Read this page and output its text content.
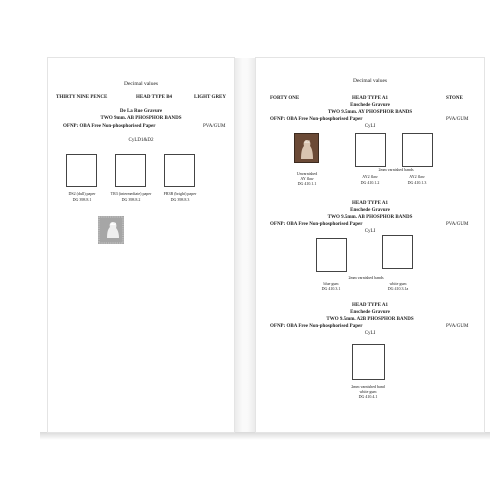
Decimal values
THIRTY NINE PENCE	HEAD TYPE B4	LIGHT GREY
De La Rue Gravure
TWO 9mm. AB PHOSPHOR BANDS
OFNP: OBA Free Non-phosphorised Paper	PVA/GUM
CyLD1&D2
DS2 (dull) paper
DG 398.8.1
TR3 (intermediate) paper
DG 398.8.2
FR3B (bright) paper
DG 398.8.3
Decimal values
FORTY ONE	STONE
HEAD TYPE A1
Enschede Gravure
TWO 9.5mm. AY PHOSPHOR BANDS
OFNP: OBA Free Non-phosphorised Paper	PVA/GUM
CyLI
Unvarnished
AY flaw
DG 410.1.1
2mm varnished bands
AY2 flaw
DG 410.1.2
AY2 flaw
DG 410.1.3
HEAD TYPE A1
Enschede Gravure
TWO 9.5mm. AB PHOSPHOR BANDS
OFNP: OBA Free Non-phosphorised Paper	PVA/GUM
CyLI
2mm varnished bands
blue gum
DG 410.3.1
white gum
DG 410.3.1a
HEAD TYPE A1
Enschede Gravure
TWO 9.5mm. A2B PHOSPHOR BANDS
OFNP: OBA Free Non-phosphorised Paper	PVA/GUM
CyLI
2mm varnished band
white gum
DG 410.4.1
